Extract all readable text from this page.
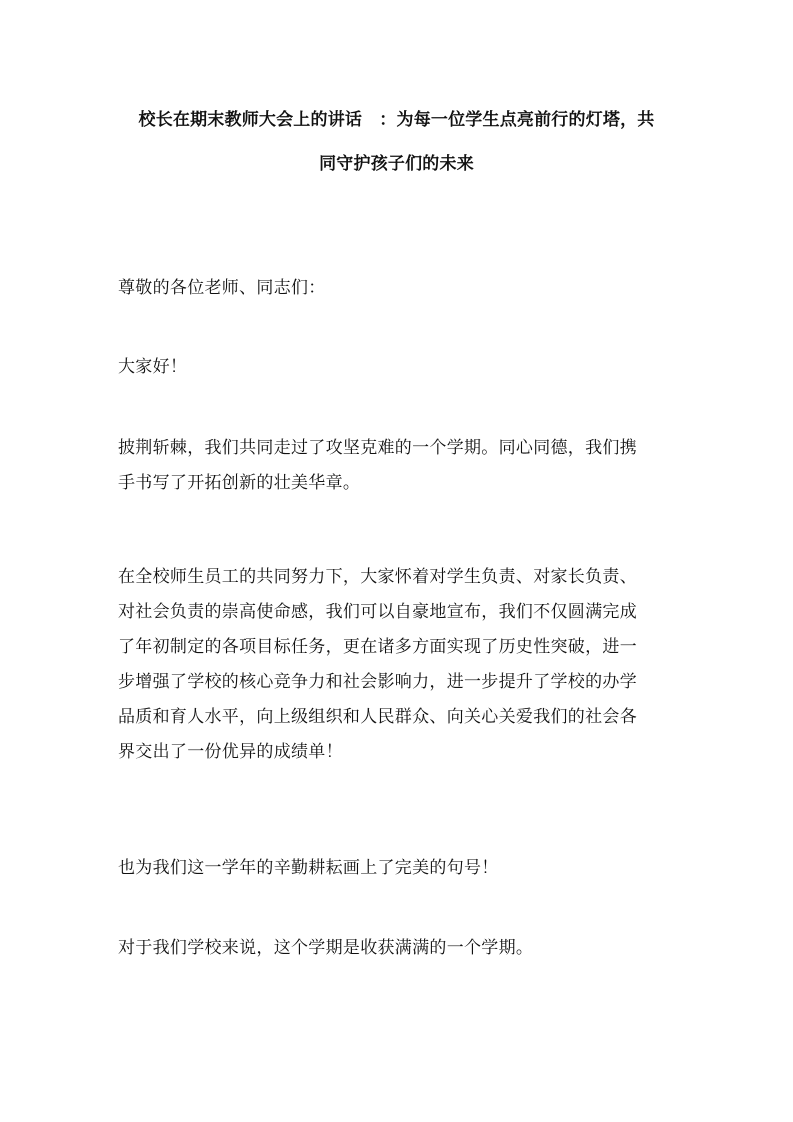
校长在期末教师大会上的讲话　：为每一位学生点亮前行的灯塔，共
同守护孩子们的未来
尊敬的各位老师、同志们：
大家好！
披荆斩棘，我们共同走过了攻坚克难的一个学期。同心同德，我们携
手书写了开拓创新的壮美华章。
在全校师生员工的共同努力下，大家怀着对学生负责、对家长负责、
对社会负责的崇高使命感，我们可以自豪地宣布，我们不仅圆满完成
了年初制定的各项目标任务，更在诸多方面实现了历史性突破，进一
步增强了学校的核心竞争力和社会影响力，进一步提升了学校的办学
品质和育人水平，向上级组织和人民群众、向关心关爱我们的社会各
界交出了一份优异的成绩单！
也为我们这一学年的辛勤耕耘画上了完美的句号！
对于我们学校来说，这个学期是收获满满的一个学期。
